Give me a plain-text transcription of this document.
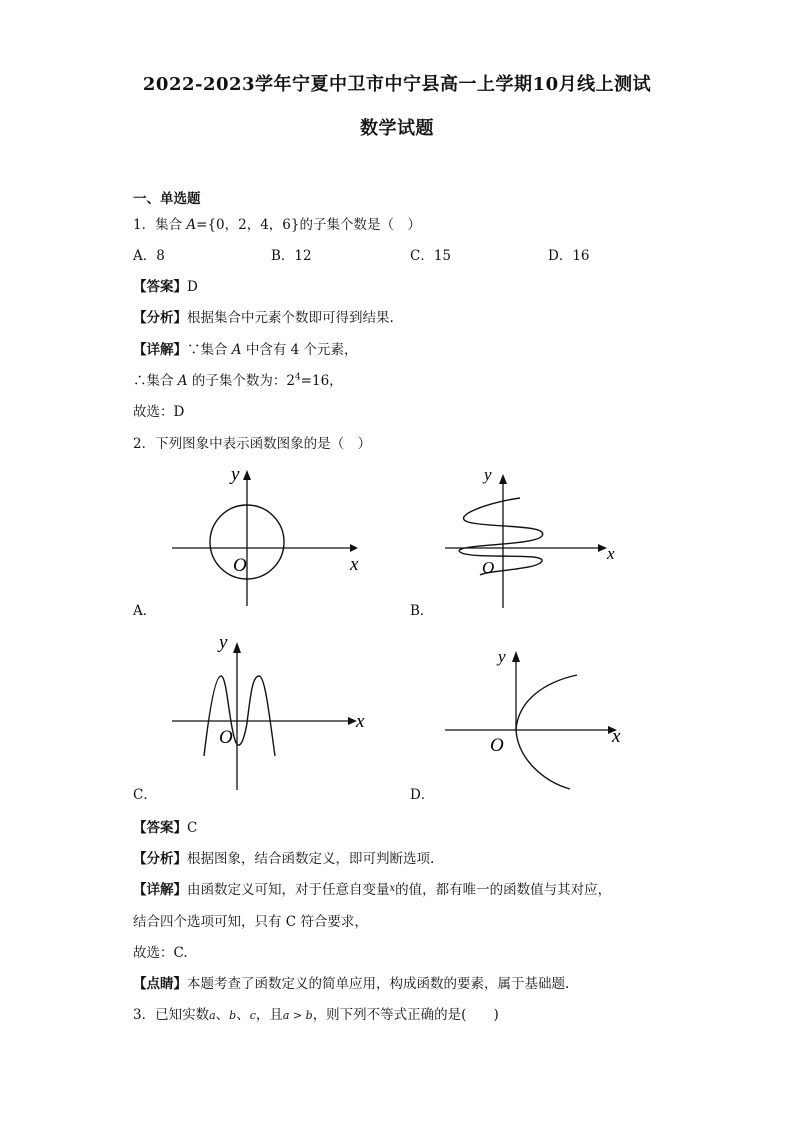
2022-2023学年宁夏中卫市中宁县高一上学期10月线上测试
数学试题
一、单选题
1．集合 A={0，2，4，6}的子集个数是（　）
A．8	B．12	C．15	D．16
【答案】D
【分析】根据集合中元素个数即可得到结果.
【详解】∵集合 A 中含有 4 个元素，
∴集合 A 的子集个数为：$2^4=16$，
故选：D
2．下列图象中表示函数图象的是（　）
O	x
y
A．
O
x
y
B．
O
x
y
C．
O	x
y
D．
【答案】C
【分析】根据图象，结合函数定义，即可判断选项.
【详解】由函数定义可知，对于任意自变量$^x$的值，都有唯一的函数值与其对应，
结合四个选项可知，只有 C 符合要求，
故选：C.
【点睛】本题考查了函数定义的简单应用，构成函数的要素，属于基础题.
3．已知实数a、b、c，且a > b，则下列不等式正确的是(　　)
